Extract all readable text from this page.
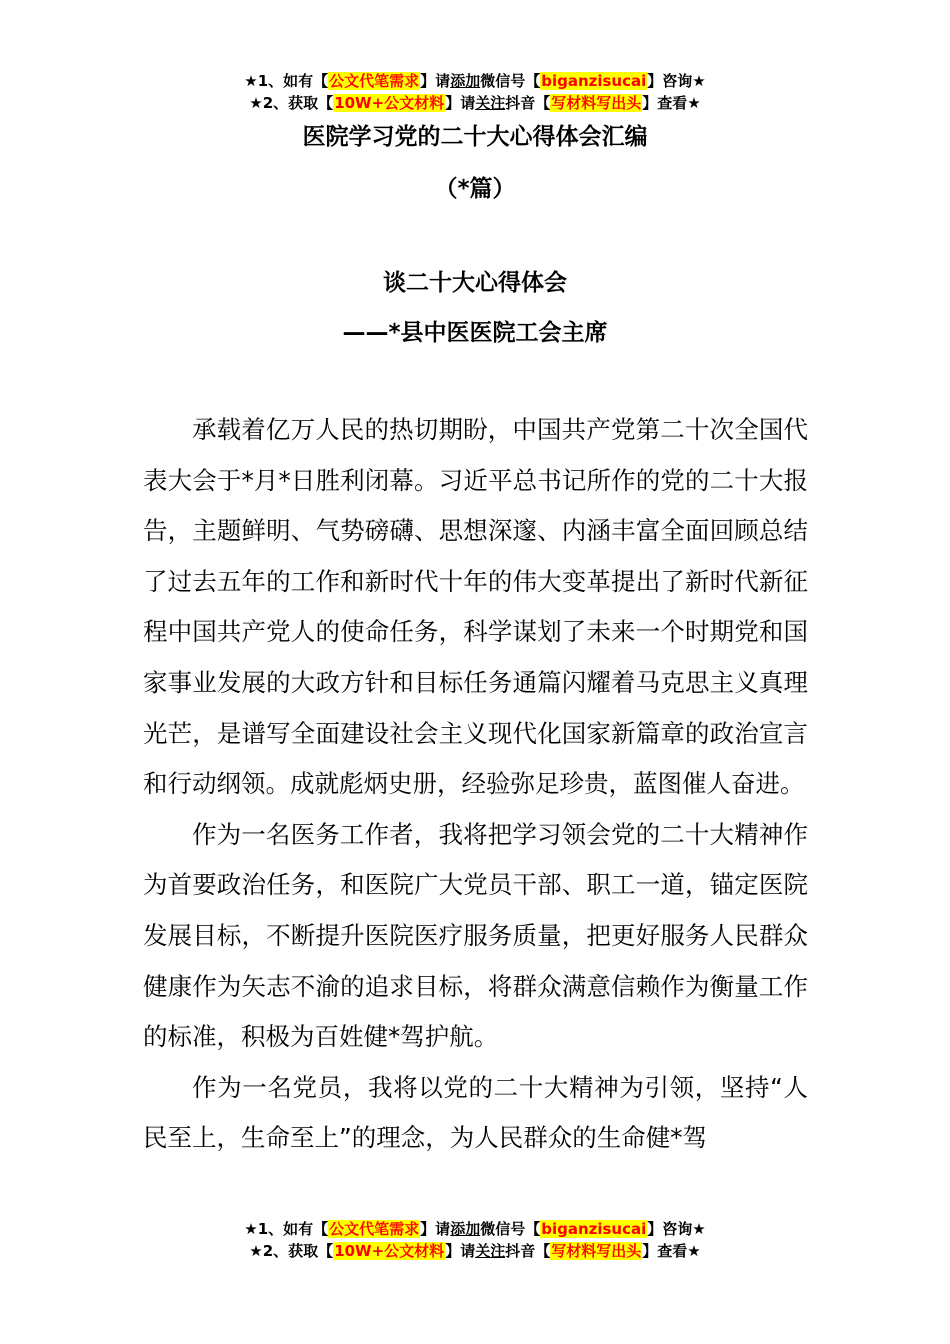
★1、如有【公文代笔需求】请添加微信号【biganzisucai】咨询★
★2、获取【10W+公文材料】请关注抖音【写材料写出头】查看★
医院学习党的二十大心得体会汇编
（*篇）
谈二十大心得体会
——*县中医医院工会主席

承载着亿万人民的热切期盼，中国共产党第二十次全国代表大会于*月*日胜利闭幕。习近平总书记所作的党的二十大报告，主题鲜明、气势磅礴、思想深邃、内涵丰富全面回顾总结了过去五年的工作和新时代十年的伟大变革提出了新时代新征程中国共产党人的使命任务，科学谋划了未来一个时期党和国家事业发展的大政方针和目标任务通篇闪耀着马克思主义真理光芒，是谱写全面建设社会主义现代化国家新篇章的政治宣言和行动纲领。成就彪炳史册，经验弥足珍贵，蓝图催人奋进。

作为一名医务工作者，我将把学习领会党的二十大精神作为首要政治任务，和医院广大党员干部、职工一道，锚定医院发展目标，不断提升医院医疗服务质量，把更好服务人民群众健康作为矢志不渝的追求目标，将群众满意信赖作为衡量工作的标准，积极为百姓健*驾护航。

作为一名党员，我将以党的二十大精神为引领，坚持“人民至上，生命至上”的理念，为人民群众的生命健*驾

★1、如有【公文代笔需求】请添加微信号【biganzisucai】咨询★
★2、获取【10W+公文材料】请关注抖音【写材料写出头】查看★
